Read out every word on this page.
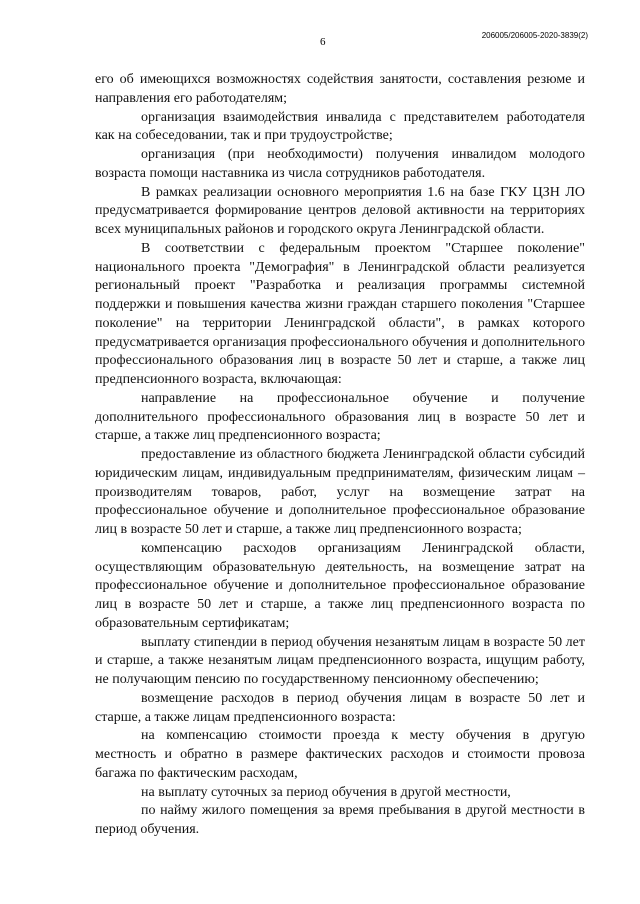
6
206005/206005-2020-3839(2)

его об имеющихся возможностях содействия занятости, составления резюме и направления его работодателям;

организация взаимодействия инвалида с представителем работодателя как на собеседовании, так и при трудоустройстве;

организация (при необходимости) получения инвалидом молодого возраста помощи наставника из числа сотрудников работодателя.

В рамках реализации основного мероприятия 1.6 на базе ГКУ ЦЗН ЛО предусматривается формирование центров деловой активности на территориях всех муниципальных районов и городского округа Ленинградской области.

В соответствии с федеральным проектом "Старшее поколение" национального проекта "Демография" в Ленинградской области реализуется региональный проект "Разработка и реализация программы системной поддержки и повышения качества жизни граждан старшего поколения "Старшее поколение" на территории Ленинградской области", в рамках которого предусматривается организация профессионального обучения и дополнительного профессионального образования лиц в возрасте 50 лет и старше, а также лиц предпенсионного возраста, включающая:

направление на профессиональное обучение и получение дополнительного профессионального образования лиц в возрасте 50 лет и старше, а также лиц предпенсионного возраста;

предоставление из областного бюджета Ленинградской области субсидий юридическим лицам, индивидуальным предпринимателям, физическим лицам – производителям товаров, работ, услуг на возмещение затрат на профессиональное обучение и дополнительное профессиональное образование лиц в возрасте 50 лет и старше, а также лиц предпенсионного возраста;

компенсацию расходов организациям Ленинградской области, осуществляющим образовательную деятельность, на возмещение затрат на профессиональное обучение и дополнительное профессиональное образование лиц в возрасте 50 лет и старше, а также лиц предпенсионного возраста по образовательным сертификатам;

выплату стипендии в период обучения незанятым лицам в возрасте 50 лет и старше, а также незанятым лицам предпенсионного возраста, ищущим работу, не получающим пенсию по государственному пенсионному обеспечению;

возмещение расходов в период обучения лицам в возрасте 50 лет и старше, а также лицам предпенсионного возраста:

на компенсацию стоимости проезда к месту обучения в другую местность и обратно в размере фактических расходов и стоимости провоза багажа по фактическим расходам,

на выплату суточных за период обучения в другой местности,

по найму жилого помещения за время пребывания в другой местности в период обучения.
